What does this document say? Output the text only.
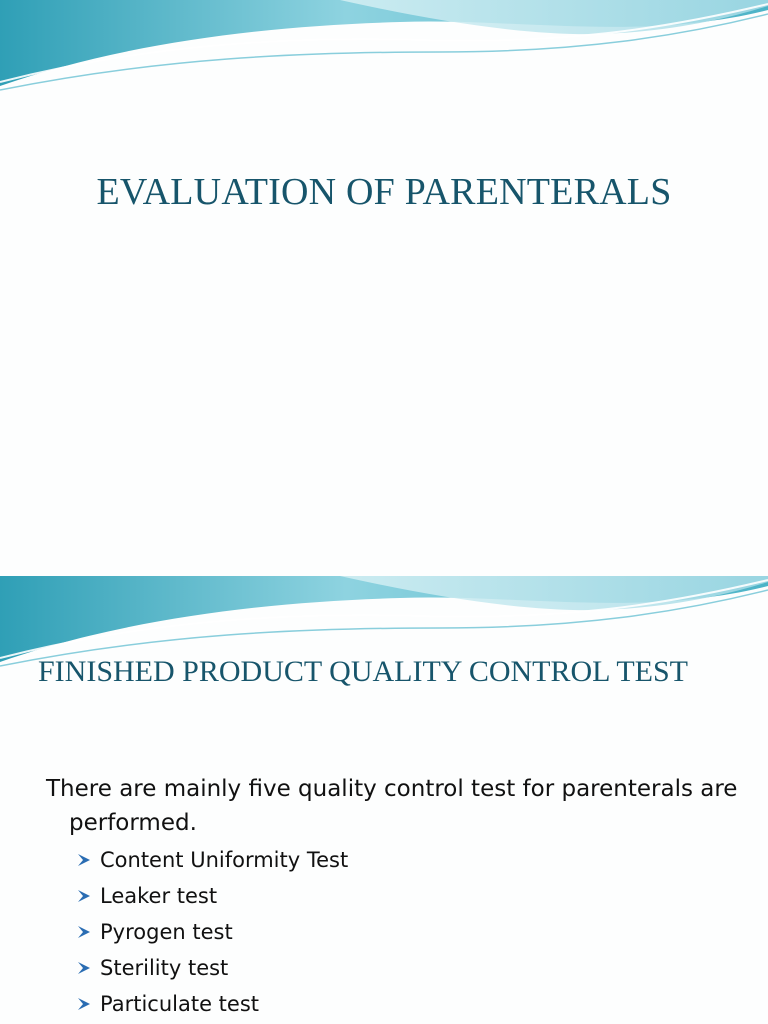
EVALUATION OF PARENTERALS
FINISHED PRODUCT QUALITY CONTROL TEST

There are mainly five quality control test for parenterals are performed.

Content Uniformity Test
Leaker test
Pyrogen test
Sterility test
Particulate test
